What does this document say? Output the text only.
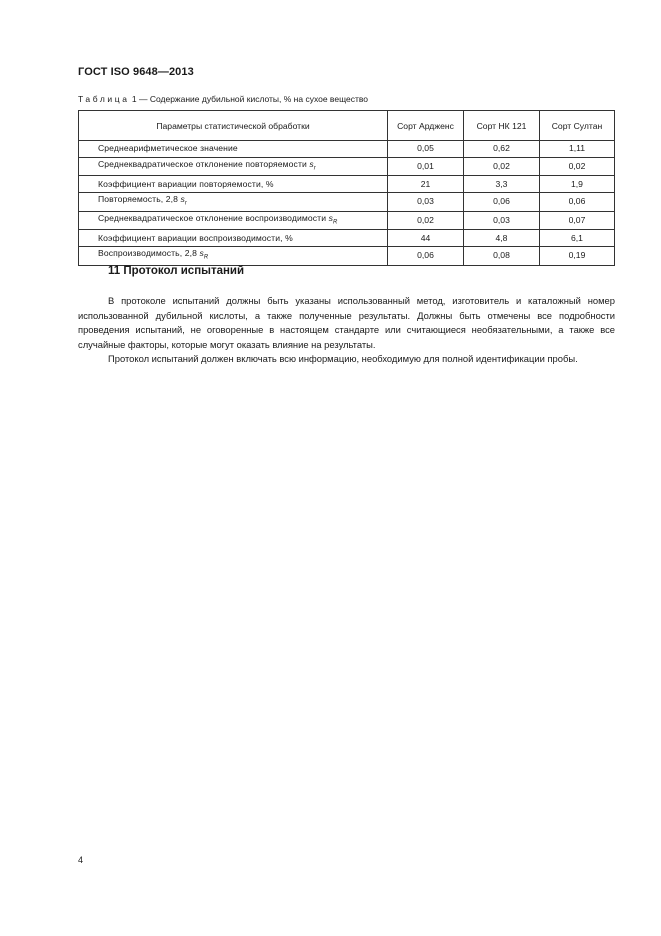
ГОСТ ISO 9648—2013
Таблица 1 — Содержание дубильной кислоты, % на сухое вещество
Параметры статистической обработки	Сорт Ардженс	Сорт НК 121	Сорт Султан
Среднеарифметическое значение	0,05	0,62	1,11
Среднеквадратическое отклонение повторяемости $s_r$	0,01	0,02	0,02
Коэффициент вариации повторяемости, %	21	3,3	1,9
Повторяемость, 2,8 $s_r$	0,03	0,06	0,06
Среднеквадратическое отклонение воспроизводимости $s_R$	0,02	0,03	0,07
Коэффициент вариации воспроизводимости, %	44	4,8	6,1
Воспроизводимость, 2,8 $s_R$	0,06	0,08	0,19
11 Протокол испытаний

В протоколе испытаний должны быть указаны использованный метод, изготовитель и каталожный номер использованной дубильной кислоты, а также полученные результаты. Должны быть отмечены все подробности проведения испытаний, не оговоренные в настоящем стандарте или считающиеся необязательными, а также все случайные факторы, которые могут оказать влияние на результаты.

Протокол испытаний должен включать всю информацию, необходимую для полной идентификации пробы.

4
